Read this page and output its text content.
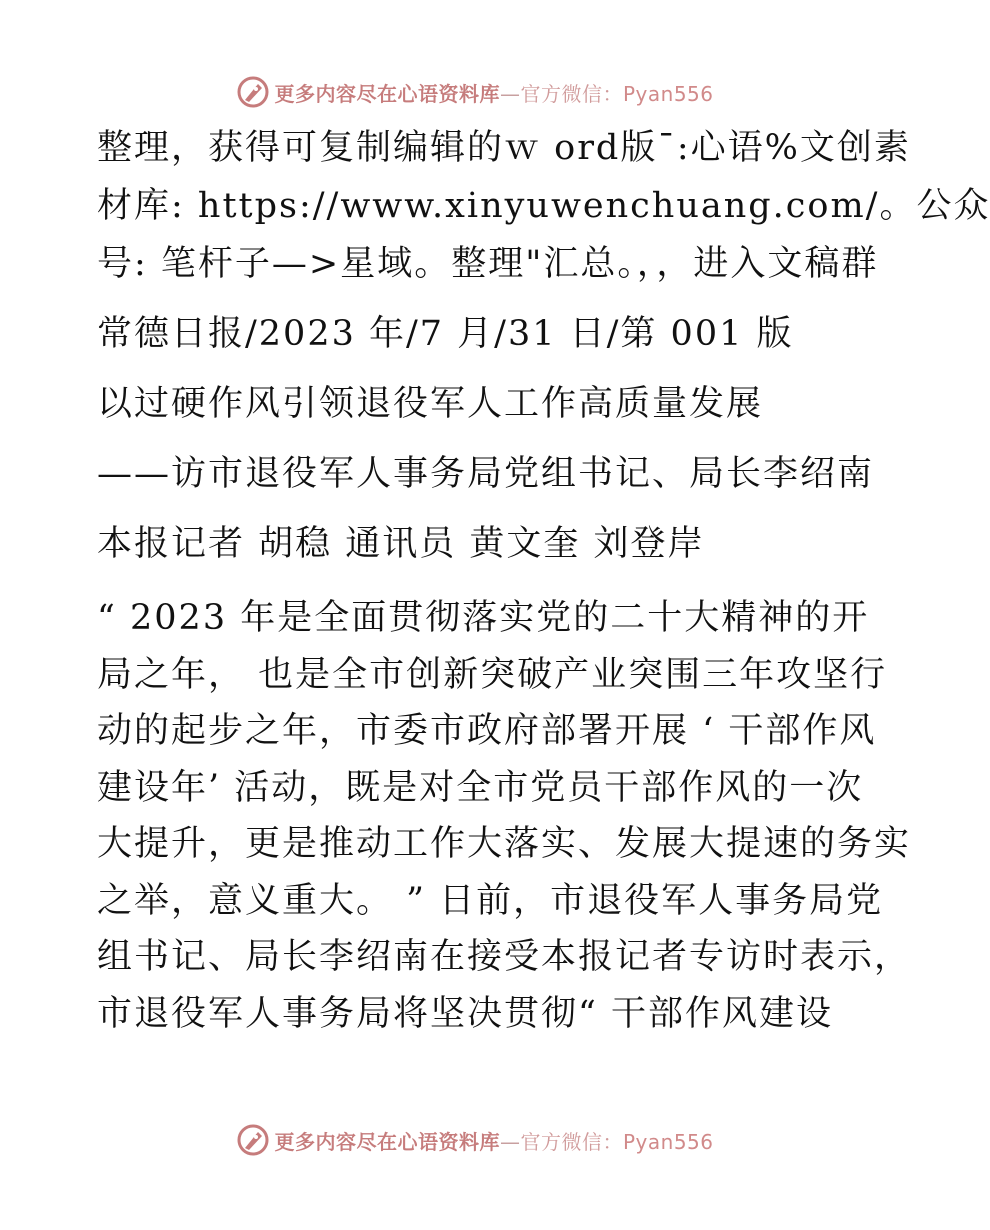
更多内容尽在心语资料库—官方微信：Pyan556
整理，获得可复制编辑的ｗ ord版¯:心语%文创素
材库: https://www.xinyuwenchuang.com/。公众
号: 笔杆子—>星域。整理"汇总。，，进入文稿群
常德日报/2023 年/7 月/31 日/第 001 版
以过硬作风引领退役军人工作高质量发展
——访市退役军人事务局党组书记、局长李绍南
本报记者 胡稳 通讯员 黄文奎 刘登岸
“ 2023 年是全面贯彻落实党的二十大精神的开
局之年， 也是全市创新突破产业突围三年攻坚行
动的起步之年，市委市政府部署开展 ‘ 干部作风
建设年’ 活动，既是对全市党员干部作风的一次
大提升，更是推动工作大落实、发展大提速的务实
之举，意义重大。 ” 日前，市退役军人事务局党
组书记、局长李绍南在接受本报记者专访时表示，
市退役军人事务局将坚决贯彻“ 干部作风建设
更多内容尽在心语资料库—官方微信：Pyan556
